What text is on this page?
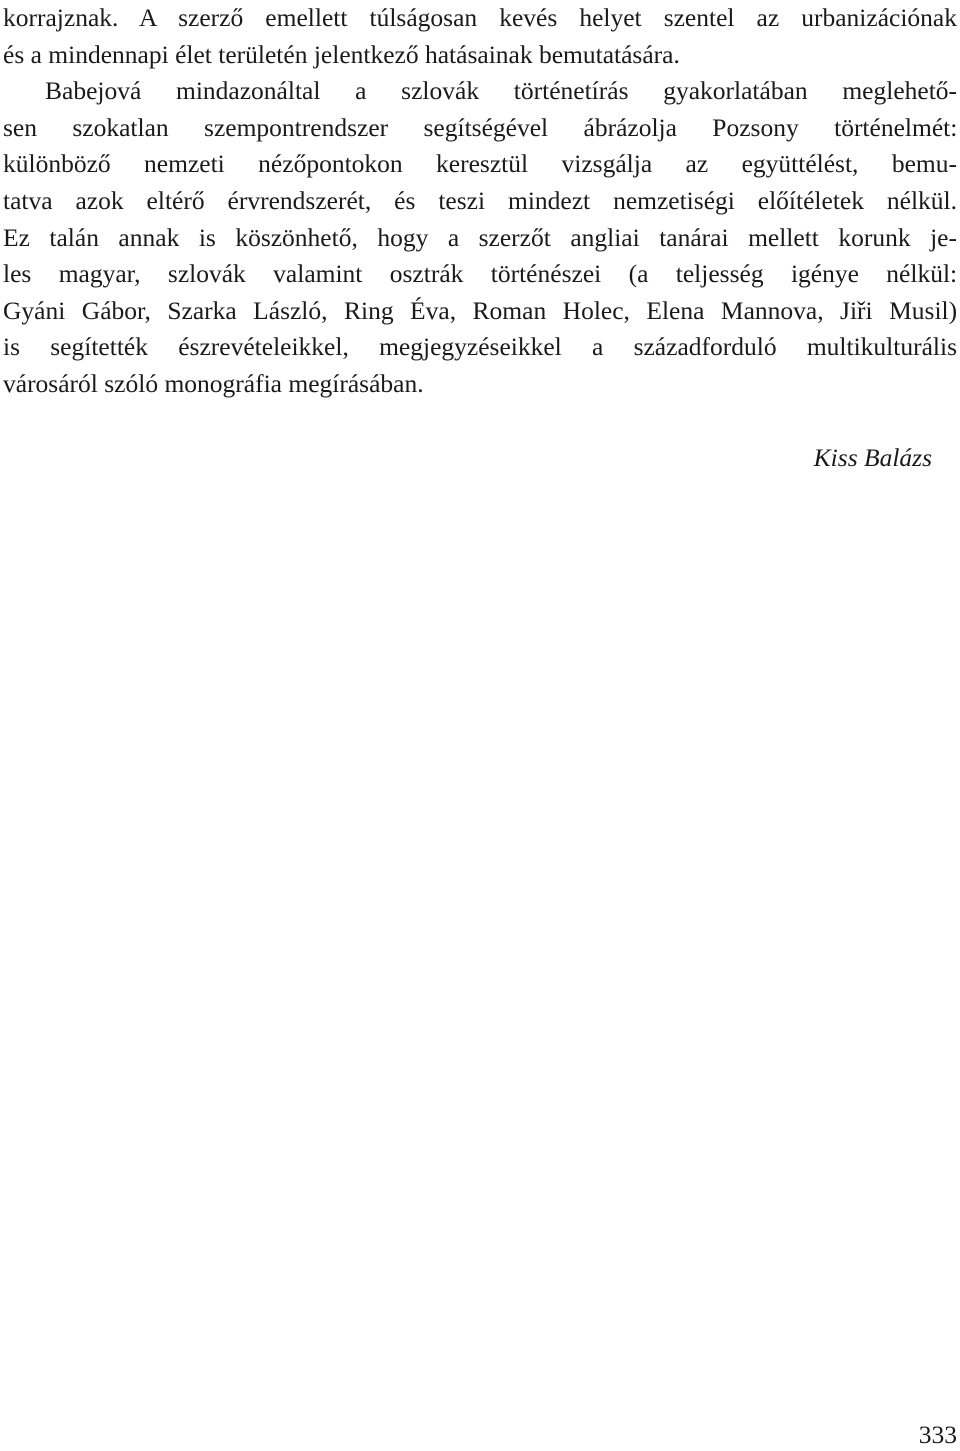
korrajznak. A szerző emellett túlságosan kevés helyet szentel az urbanizációnak
és a mindennapi élet területén jelentkező hatásainak bemutatására.
Babejová mindazonáltal a szlovák történetírás gyakorlatában meglehető-
sen szokatlan szempontrendszer segítségével ábrázolja Pozsony történelmét:
különböző nemzeti nézőpontokon keresztül vizsgálja az együttélést, bemu-
tatva azok eltérő érvrendszerét, és teszi mindezt nemzetiségi előítéletek nélkül.
Ez talán annak is köszönhető, hogy a szerzőt angliai tanárai mellett korunk je-
les magyar, szlovák valamint osztrák történészei (a teljesség igénye nélkül:
Gyáni Gábor, Szarka László, Ring Éva, Roman Holec, Elena Mannova, Jiři Musil)
is segítették észrevételeikkel, megjegyzéseikkel a századforduló multikulturális
városáról szóló monográfia megírásában.
Kiss Balázs
333
